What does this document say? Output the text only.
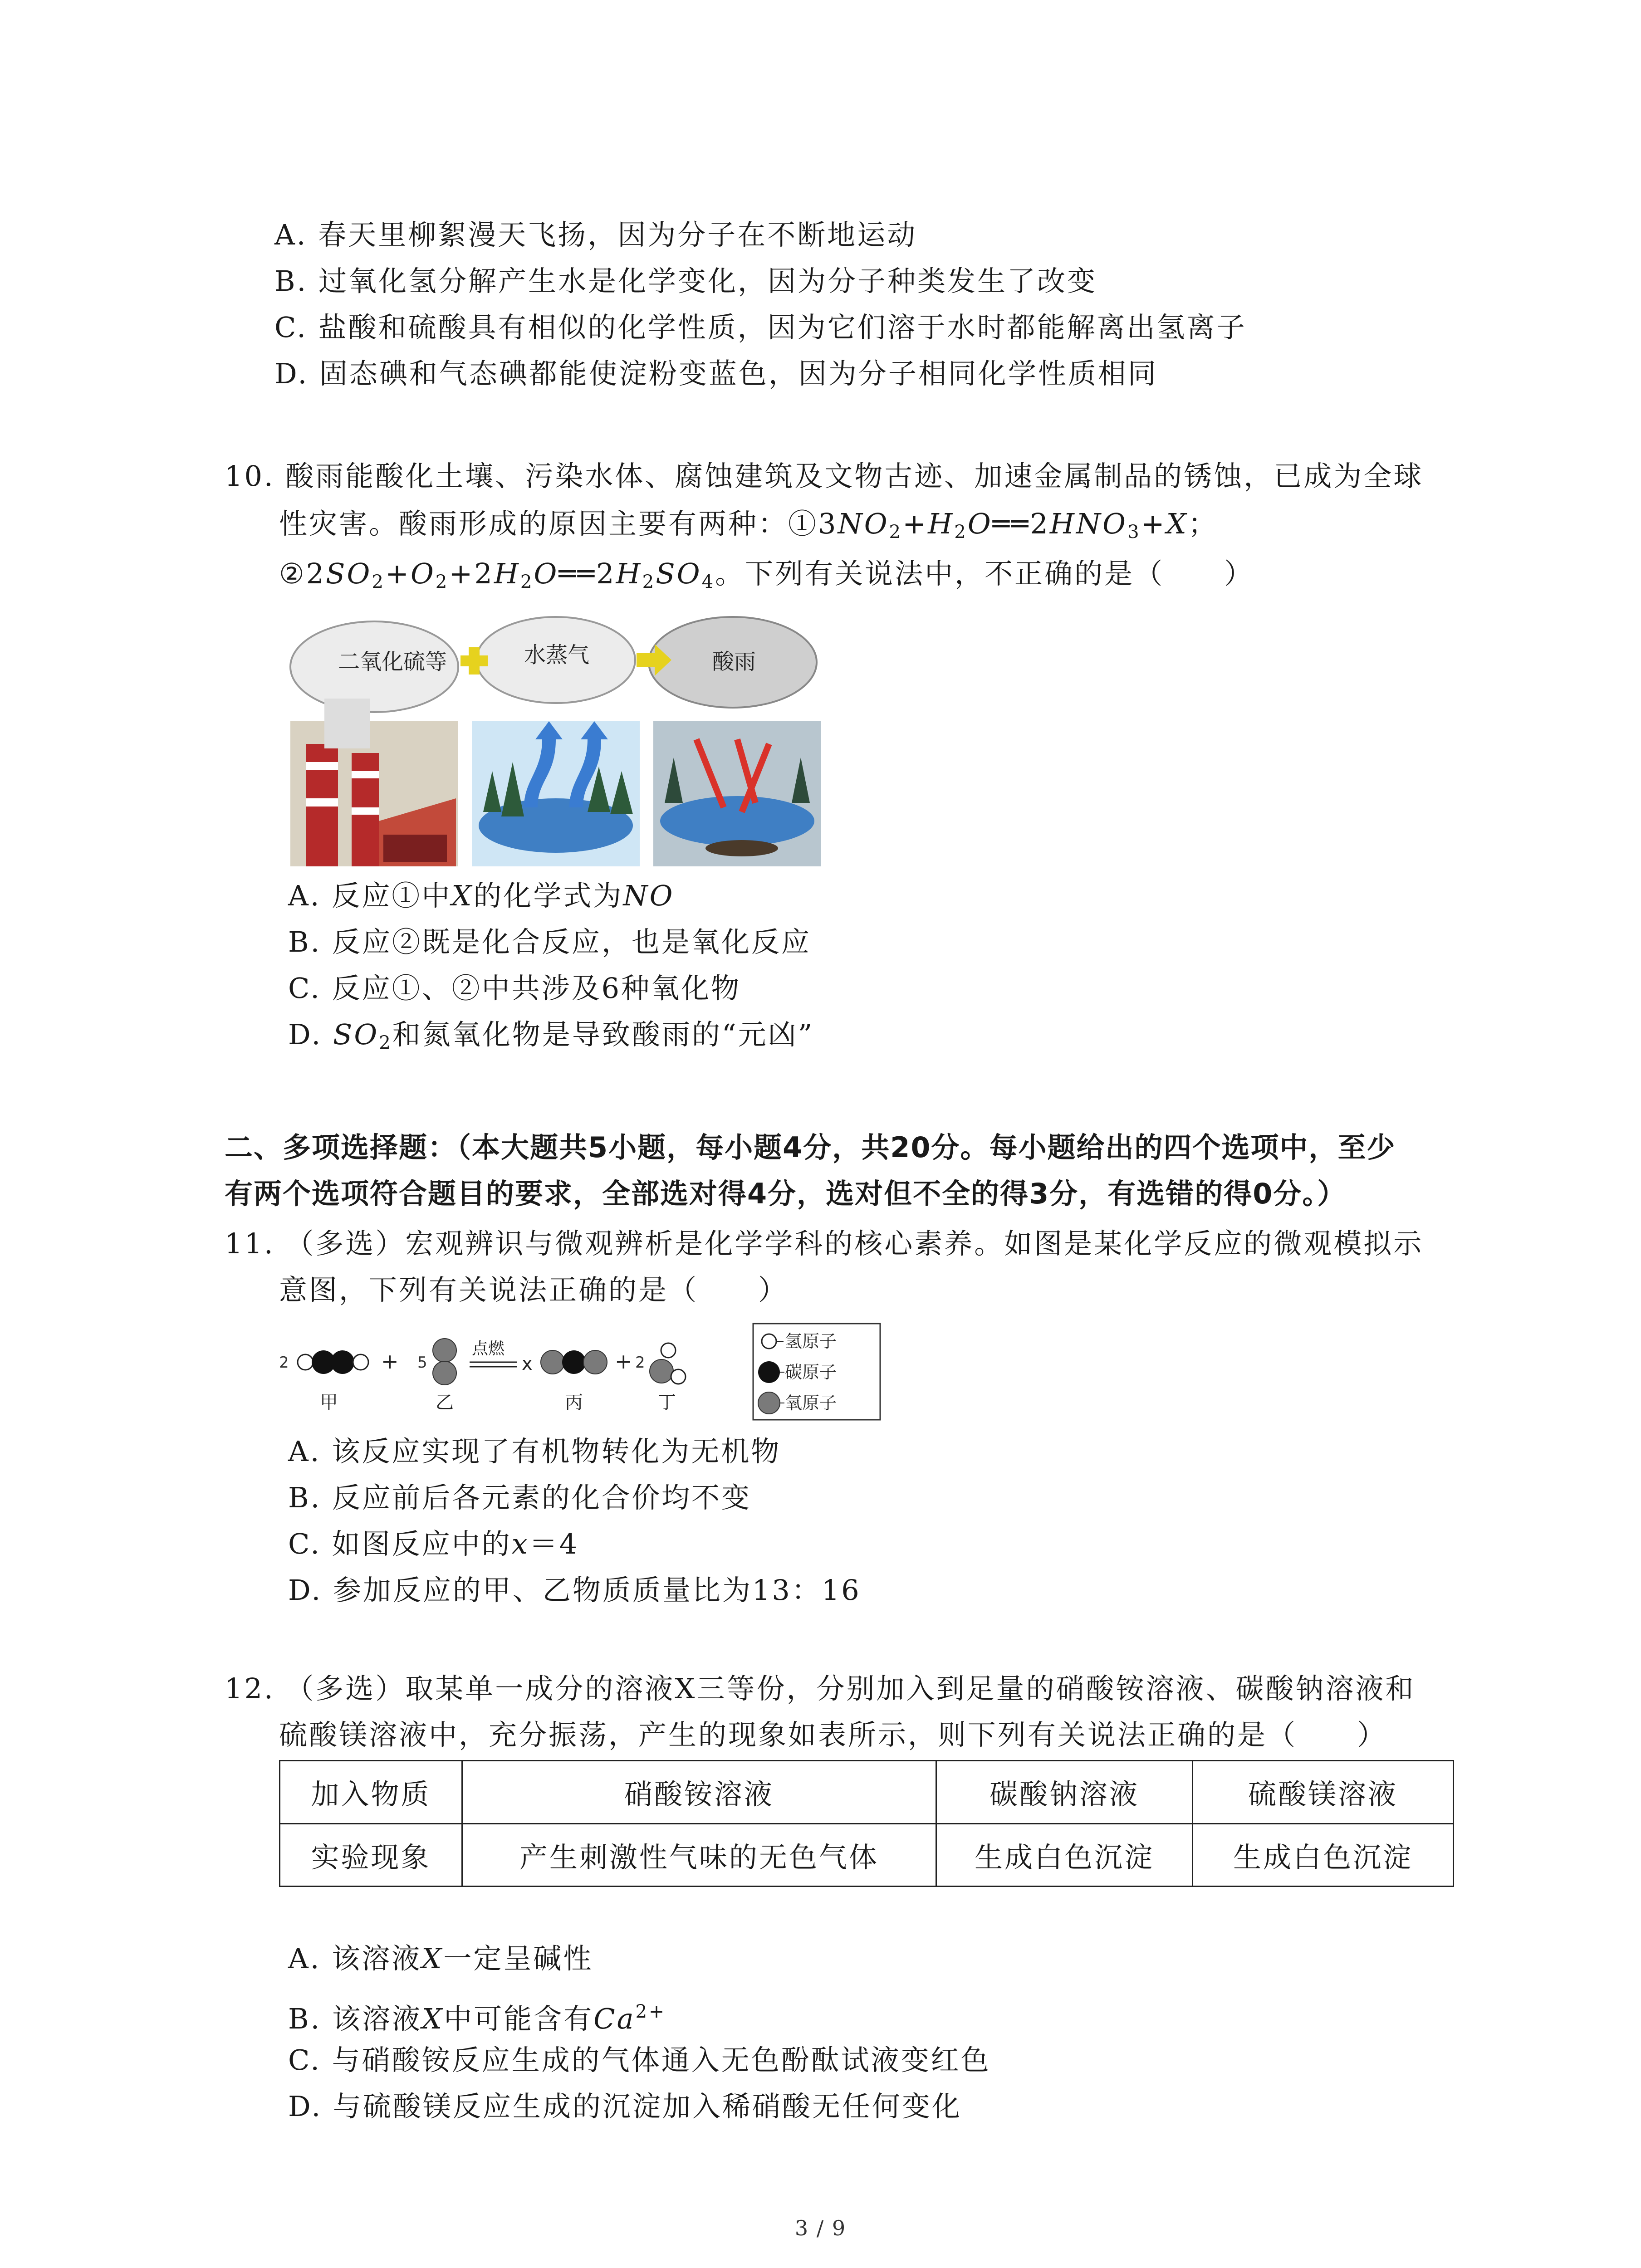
A. 春天里柳絮漫天飞扬，因为分子在不断地运动
B. 过氧化氢分解产生水是化学变化，因为分子种类发生了改变
C. 盐酸和硫酸具有相似的化学性质，因为它们溶于水时都能解离出氢离子
D. 固态碘和气态碘都能使淀粉变蓝色，因为分子相同化学性质相同
10. 酸雨能酸化土壤、污染水体、腐蚀建筑及文物古迹、加速金属制品的锈蚀，已成为全球
性灾害。酸雨形成的原因主要有两种：$①3NO_2+H_2O══2HNO_3+X$；
$②2SO_2+O_2+2H_2O══2H_2SO_4$。下列有关说法中，不正确的是（　　）
二氧化硫等	水蒸气	酸雨
A. 反应①中X的化学式为NO
B. 反应②既是化合反应，也是氧化反应
C. 反应①、②中共涉及6种氧化物
D. $SO_2$和氮氧化物是导致酸雨的“元凶”
二、多项选择题：（本大题共5小题，每小题4分，共20分。每小题给出的四个选项中，至少
有两个选项符合题目的要求，全部选对得4分，选对但不全的得3分，有选错的得0分。）
11. （多选）宏观辨识与微观辨析是化学学科的核心素养。如图是某化学反应的微观模拟示
意图，下列有关说法正确的是（　　）
2
甲
+ 5
乙
点燃
x
丙
+ 2
丁
氢原子
碳原子
氧原子
A. 该反应实现了有机物转化为无机物
B. 反应前后各元素的化合价均不变
C. 如图反应中的x＝4
D. 参加反应的甲、乙物质质量比为13：16
12. （多选）取某单一成分的溶液X三等份，分别加入到足量的硝酸铵溶液、碳酸钠溶液和
硫酸镁溶液中，充分振荡，产生的现象如表所示，则下列有关说法正确的是（　　）
加入物质	硝酸铵溶液	碳酸钠溶液	硫酸镁溶液
实验现象	产生刺激性气味的无色气体	生成白色沉淀	生成白色沉淀
A. 该溶液X一定呈碱性
B. 该溶液X中可能含有$Ca^{2+}$
C. 与硝酸铵反应生成的气体通入无色酚酞试液变红色
D. 与硫酸镁反应生成的沉淀加入稀硝酸无任何变化
3 / 9
